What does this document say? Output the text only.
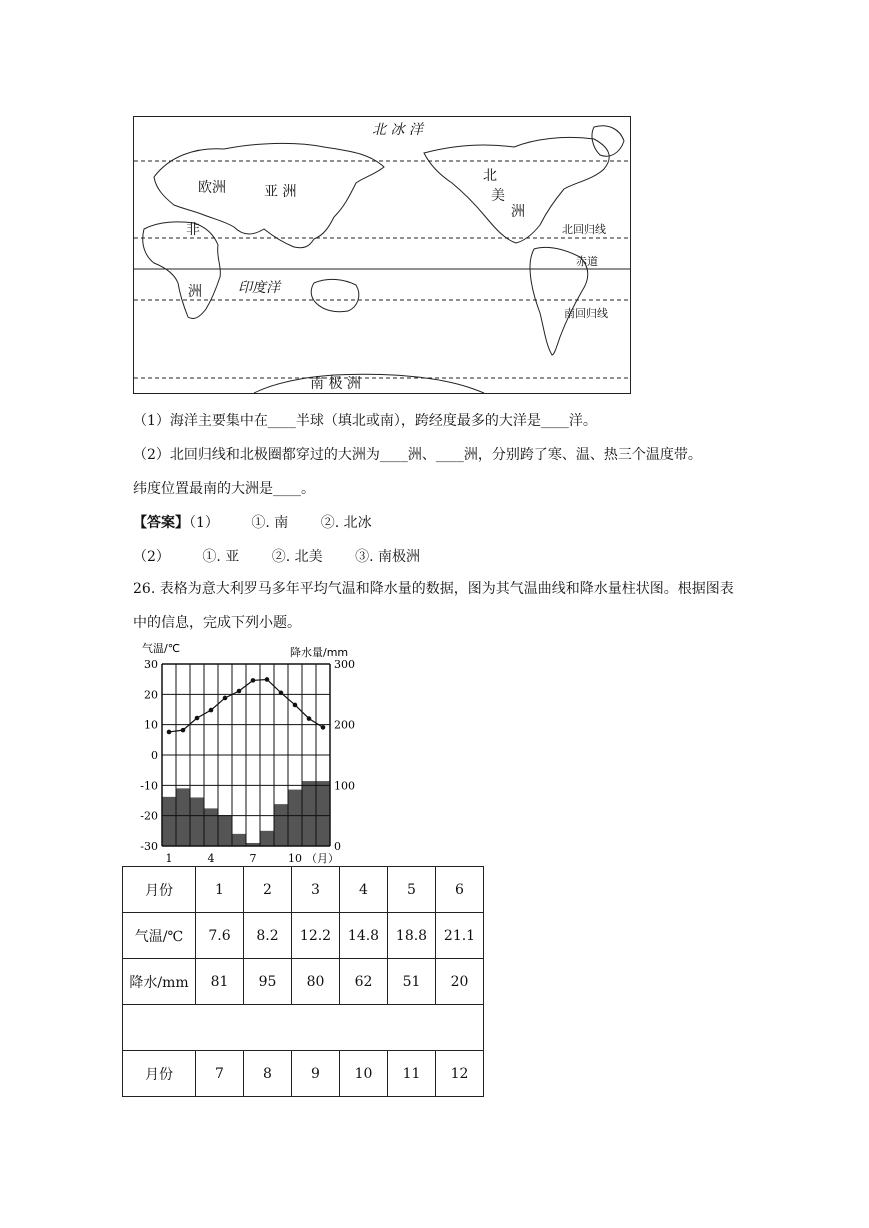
北 冰 洋
欧洲	亚 洲
北
美
洲
非
洲	印度洋
北回归线
赤道
南回归线
南 极 洲
（1）海洋主要集中在____半球（填北或南），跨经度最多的大洋是____洋。
（2）北回归线和北极圈都穿过的大洲为____洲、____洲，分别跨了寒、温、热三个温度带。
纬度位置最南的大洲是____。
【答案】（1） ①. 南 ②. 北冰
（2） ①. 亚 ②. 北美 ③. 南极洲
26. 表格为意大利罗马多年平均气温和降水量的数据，图为其气温曲线和降水量柱状图。根据图表中的信息，完成下列小题。
30
20
10
0
-10
-20
-30
300
200
100
0
气温/℃	降水量/mm
1	4	7	10 （月）
月份	1	2	3	4	5	6
气温/℃	7.6	8.2	12.2	14.8	18.8	21.1
降水/mm	81	95	80	62	51	20

月份	7	8	9	10	11	12
